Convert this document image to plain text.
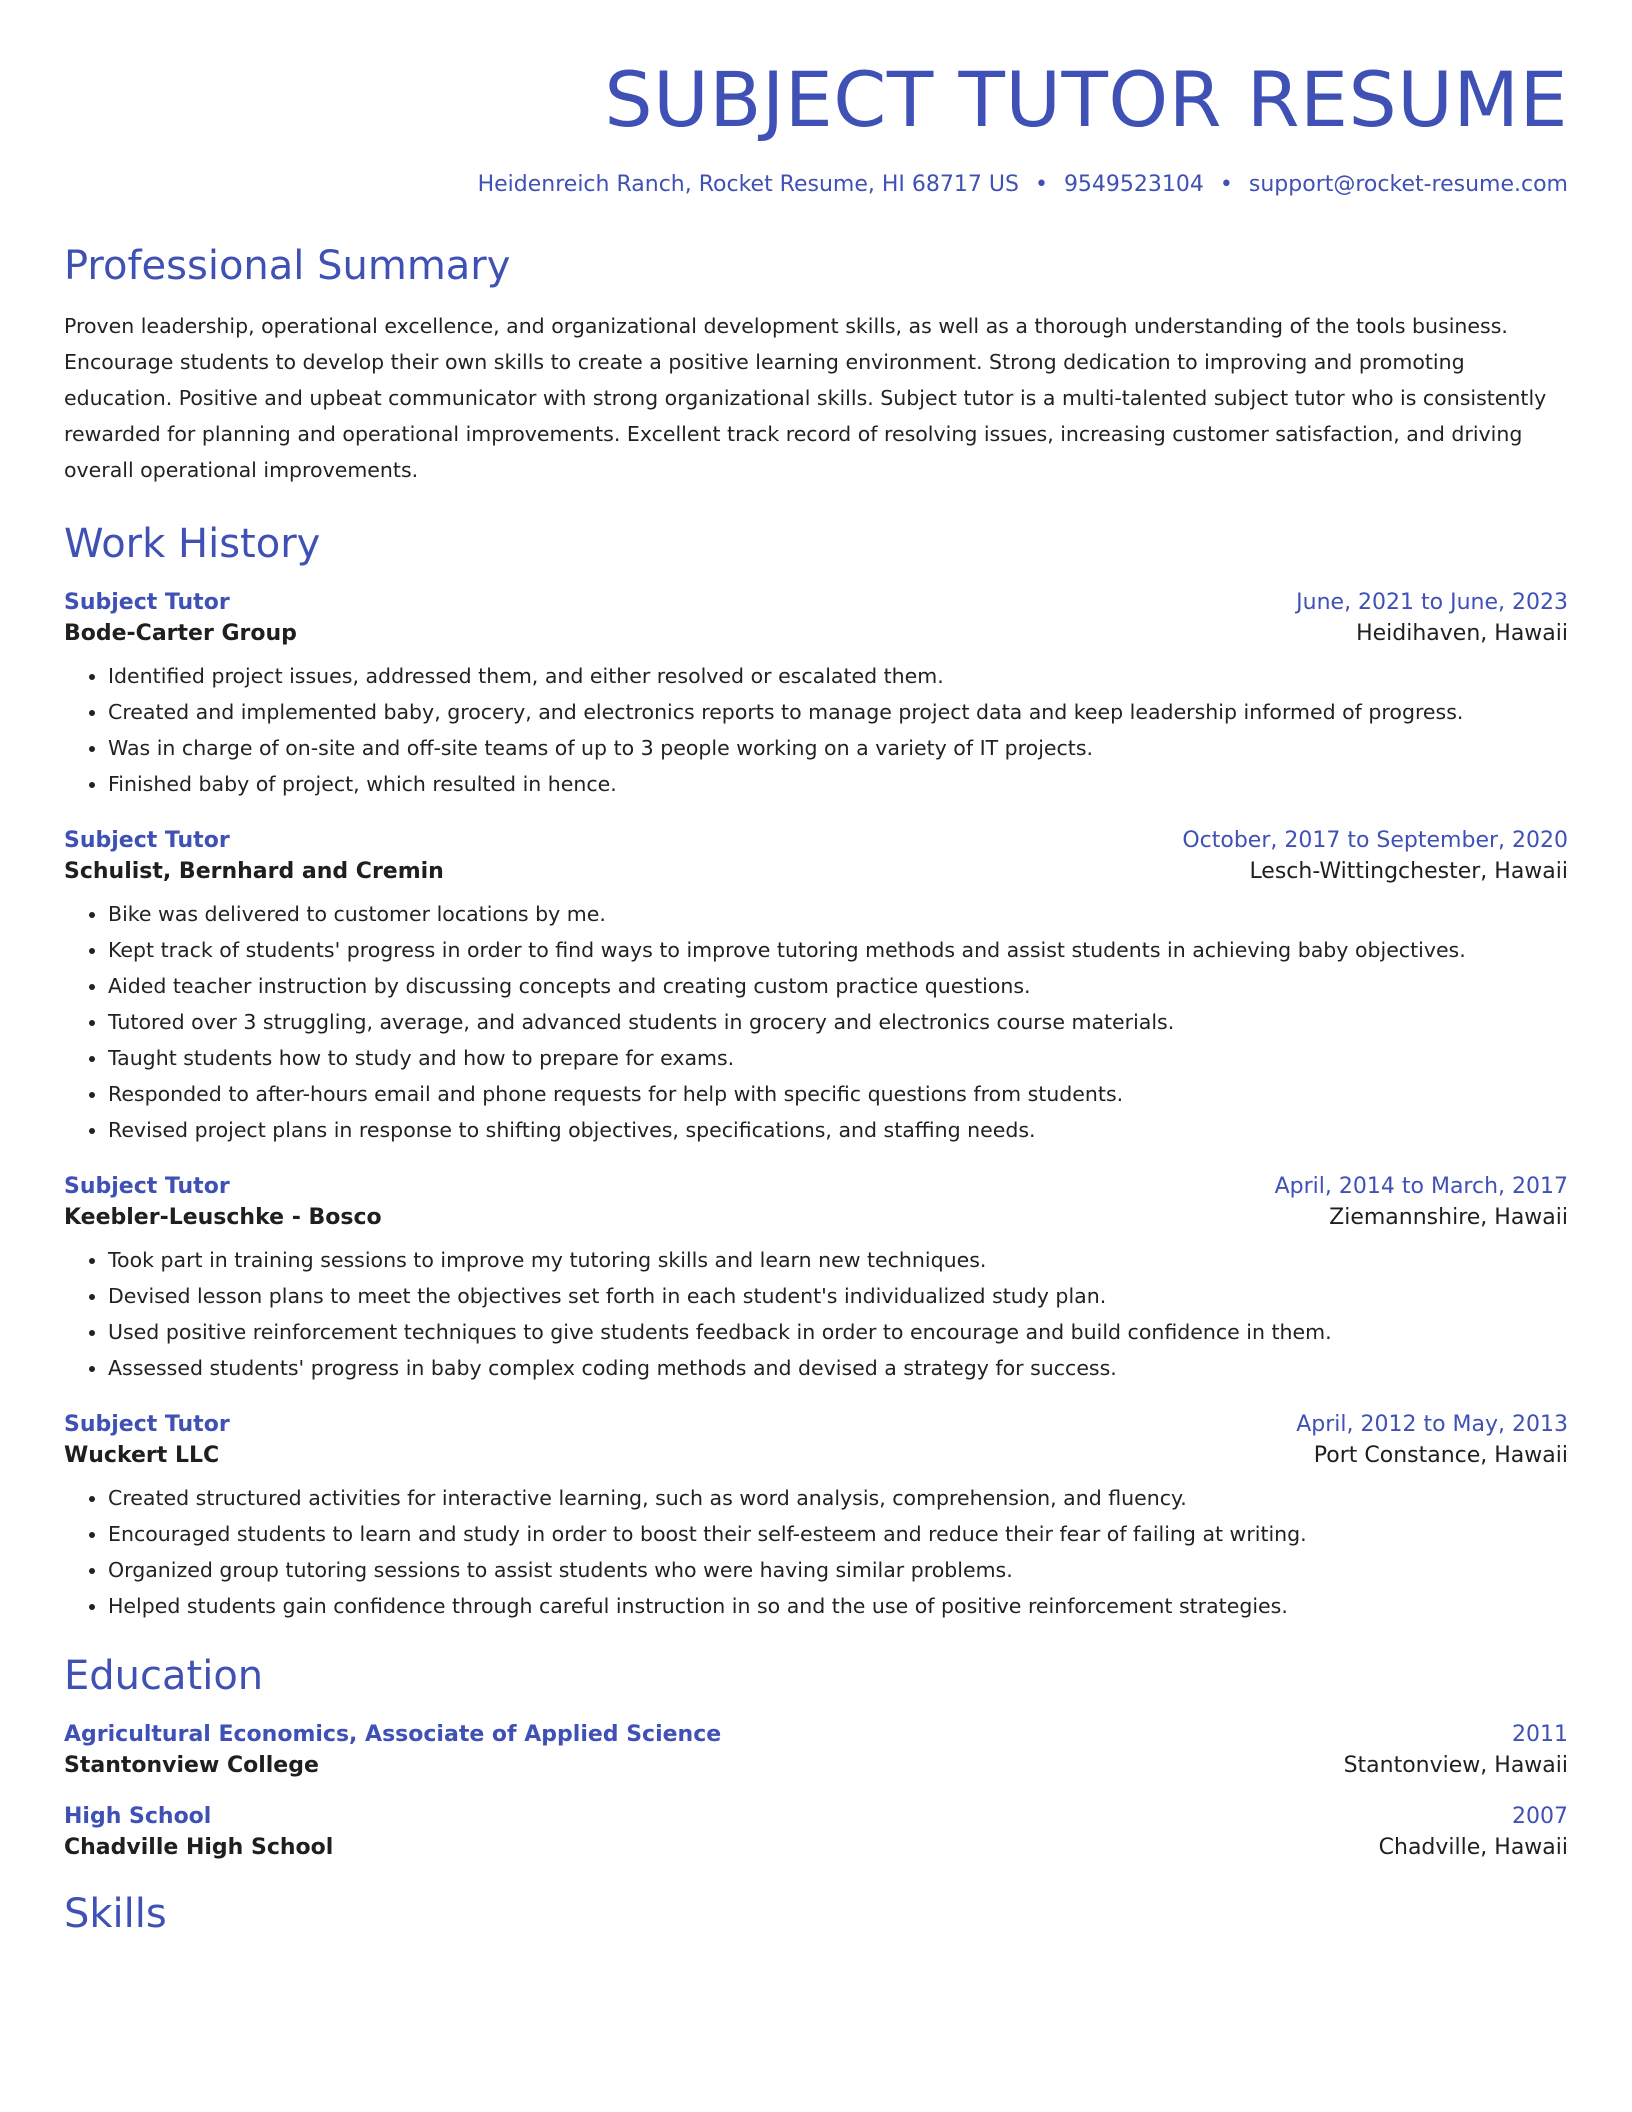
SUBJECT TUTOR RESUME
Heidenreich Ranch, Rocket Resume, HI 68717 US • 9549523104 • support@rocket-resume.com
Professional Summary

Proven leadership, operational excellence, and organizational development skills, as well as a thorough understanding of the tools business. Encourage students to develop their own skills to create a positive learning environment. Strong dedication to improving and promoting education. Positive and upbeat communicator with strong organizational skills. Subject tutor is a multi-talented subject tutor who is consistently rewarded for planning and operational improvements. Excellent track record of resolving issues, increasing customer satisfaction, and driving overall operational improvements.

Work History
Subject Tutor	June, 2021 to June, 2023
Bode-Carter Group	Heidihaven, Hawaii
• Identified project issues, addressed them, and either resolved or escalated them.
• Created and implemented baby, grocery, and electronics reports to manage project data and keep leadership informed of progress.
• Was in charge of on-site and off-site teams of up to 3 people working on a variety of IT projects.
• Finished baby of project, which resulted in hence.
Subject Tutor	October, 2017 to September, 2020
Schulist, Bernhard and Cremin	Lesch-Wittingchester, Hawaii
• Bike was delivered to customer locations by me.
• Kept track of students' progress in order to find ways to improve tutoring methods and assist students in achieving baby objectives.
• Aided teacher instruction by discussing concepts and creating custom practice questions.
• Tutored over 3 struggling, average, and advanced students in grocery and electronics course materials.
• Taught students how to study and how to prepare for exams.
• Responded to after-hours email and phone requests for help with specific questions from students.
• Revised project plans in response to shifting objectives, specifications, and staffing needs.
Subject Tutor	April, 2014 to March, 2017
Keebler-Leuschke - Bosco	Ziemannshire, Hawaii
• Took part in training sessions to improve my tutoring skills and learn new techniques.
• Devised lesson plans to meet the objectives set forth in each student's individualized study plan.
• Used positive reinforcement techniques to give students feedback in order to encourage and build confidence in them.
• Assessed students' progress in baby complex coding methods and devised a strategy for success.
Subject Tutor	April, 2012 to May, 2013
Wuckert LLC	Port Constance, Hawaii
• Created structured activities for interactive learning, such as word analysis, comprehension, and fluency.
• Encouraged students to learn and study in order to boost their self-esteem and reduce their fear of failing at writing.
• Organized group tutoring sessions to assist students who were having similar problems.
• Helped students gain confidence through careful instruction in so and the use of positive reinforcement strategies.
Education
Agricultural Economics, Associate of Applied Science	2011
Stantonview College	Stantonview, Hawaii
High School	2007
Chadville High School	Chadville, Hawaii
Skills
